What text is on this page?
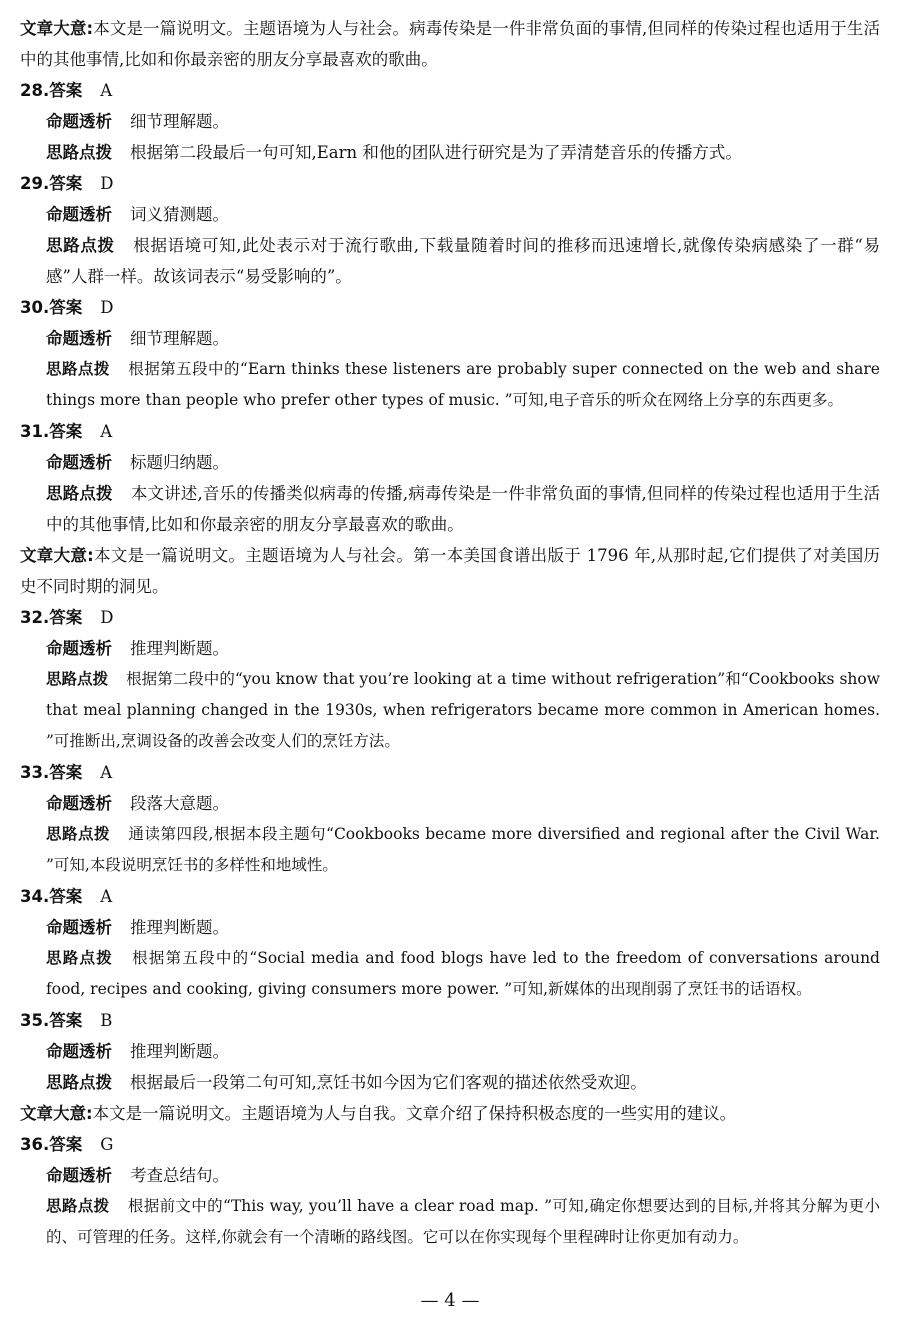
文章大意:本文是一篇说明文。主题语境为人与社会。病毒传染是一件非常负面的事情,但同样的传染过程也适用于生活中的其他事情,比如和你最亲密的朋友分享最喜欢的歌曲。
28.答案 A
命题透析 细节理解题。
思路点拨 根据第二段最后一句可知,Earn 和他的团队进行研究是为了弄清楚音乐的传播方式。
29.答案 D
命题透析 词义猜测题。
思路点拨 根据语境可知,此处表示对于流行歌曲,下载量随着时间的推移而迅速增长,就像传染病感染了一群“易感”人群一样。故该词表示“易受影响的”。
30.答案 D
命题透析 细节理解题。
思路点拨 根据第五段中的“Earn thinks these listeners are probably super connected on the web and share things more than people who prefer other types of music. ”可知,电子音乐的听众在网络上分享的东西更多。
31.答案 A
命题透析 标题归纳题。
思路点拨 本文讲述,音乐的传播类似病毒的传播,病毒传染是一件非常负面的事情,但同样的传染过程也适用于生活中的其他事情,比如和你最亲密的朋友分享最喜欢的歌曲。
文章大意:本文是一篇说明文。主题语境为人与社会。第一本美国食谱出版于 1796 年,从那时起,它们提供了对美国历史不同时期的洞见。
32.答案 D
命题透析 推理判断题。
思路点拨 根据第二段中的“you know that you’re looking at a time without refrigeration”和“Cookbooks show that meal planning changed in the 1930s, when refrigerators became more common in American homes. ”可推断出,烹调设备的改善会改变人们的烹饪方法。
33.答案 A
命题透析 段落大意题。
思路点拨 通读第四段,根据本段主题句“Cookbooks became more diversified and regional after the Civil War. ”可知,本段说明烹饪书的多样性和地域性。
34.答案 A
命题透析 推理判断题。
思路点拨 根据第五段中的“Social media and food blogs have led to the freedom of conversations around food, recipes and cooking, giving consumers more power. ”可知,新媒体的出现削弱了烹饪书的话语权。
35.答案 B
命题透析 推理判断题。
思路点拨 根据最后一段第二句可知,烹饪书如今因为它们客观的描述依然受欢迎。
文章大意:本文是一篇说明文。主题语境为人与自我。文章介绍了保持积极态度的一些实用的建议。
36.答案 G
命题透析 考查总结句。
思路点拨 根据前文中的“This way, you’ll have a clear road map. ”可知,确定你想要达到的目标,并将其分解为更小的、可管理的任务。这样,你就会有一个清晰的路线图。它可以在你实现每个里程碑时让你更加有动力。
— 4 —
